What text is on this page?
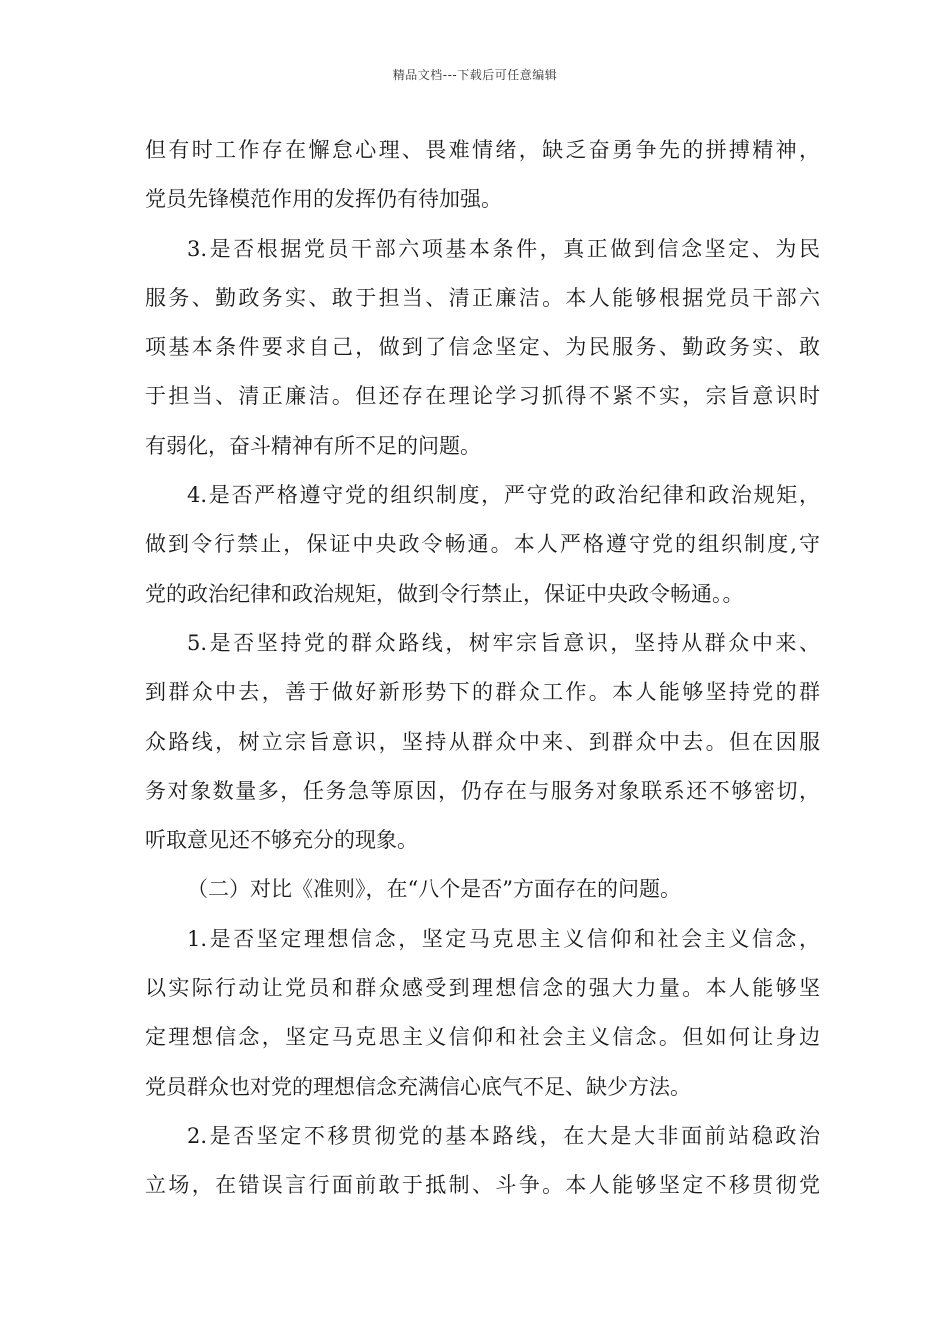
精品文档---下载后可任意编辑
但有时工作存在懈怠心理、畏难情绪，缺乏奋勇争先的拼搏精神，
党员先锋模范作用的发挥仍有待加强。
3.是否根据党员干部六项基本条件，真正做到信念坚定、为民
服务、勤政务实、敢于担当、清正廉洁。本人能够根据党员干部六
项基本条件要求自己，做到了信念坚定、为民服务、勤政务实、敢
于担当、清正廉洁。但还存在理论学习抓得不紧不实，宗旨意识时
有弱化，奋斗精神有所不足的问题。
4.是否严格遵守党的组织制度，严守党的政治纪律和政治规矩，
做到令行禁止，保证中央政令畅通。本人严格遵守党的组织制度,守
党的政治纪律和政治规矩，做到令行禁止，保证中央政令畅通。。
5.是否坚持党的群众路线，树牢宗旨意识，坚持从群众中来、
到群众中去，善于做好新形势下的群众工作。本人能够坚持党的群
众路线，树立宗旨意识，坚持从群众中来、到群众中去。但在因服
务对象数量多，任务急等原因，仍存在与服务对象联系还不够密切，
听取意见还不够充分的现象。
（二）对比《准则》，在“八个是否”方面存在的问题。
1.是否坚定理想信念，坚定马克思主义信仰和社会主义信念，
以实际行动让党员和群众感受到理想信念的强大力量。本人能够坚
定理想信念，坚定马克思主义信仰和社会主义信念。但如何让身边
党员群众也对党的理想信念充满信心底气不足、缺少方法。
2.是否坚定不移贯彻党的基本路线，在大是大非面前站稳政治
立场，在错误言行面前敢于抵制、斗争。本人能够坚定不移贯彻党
